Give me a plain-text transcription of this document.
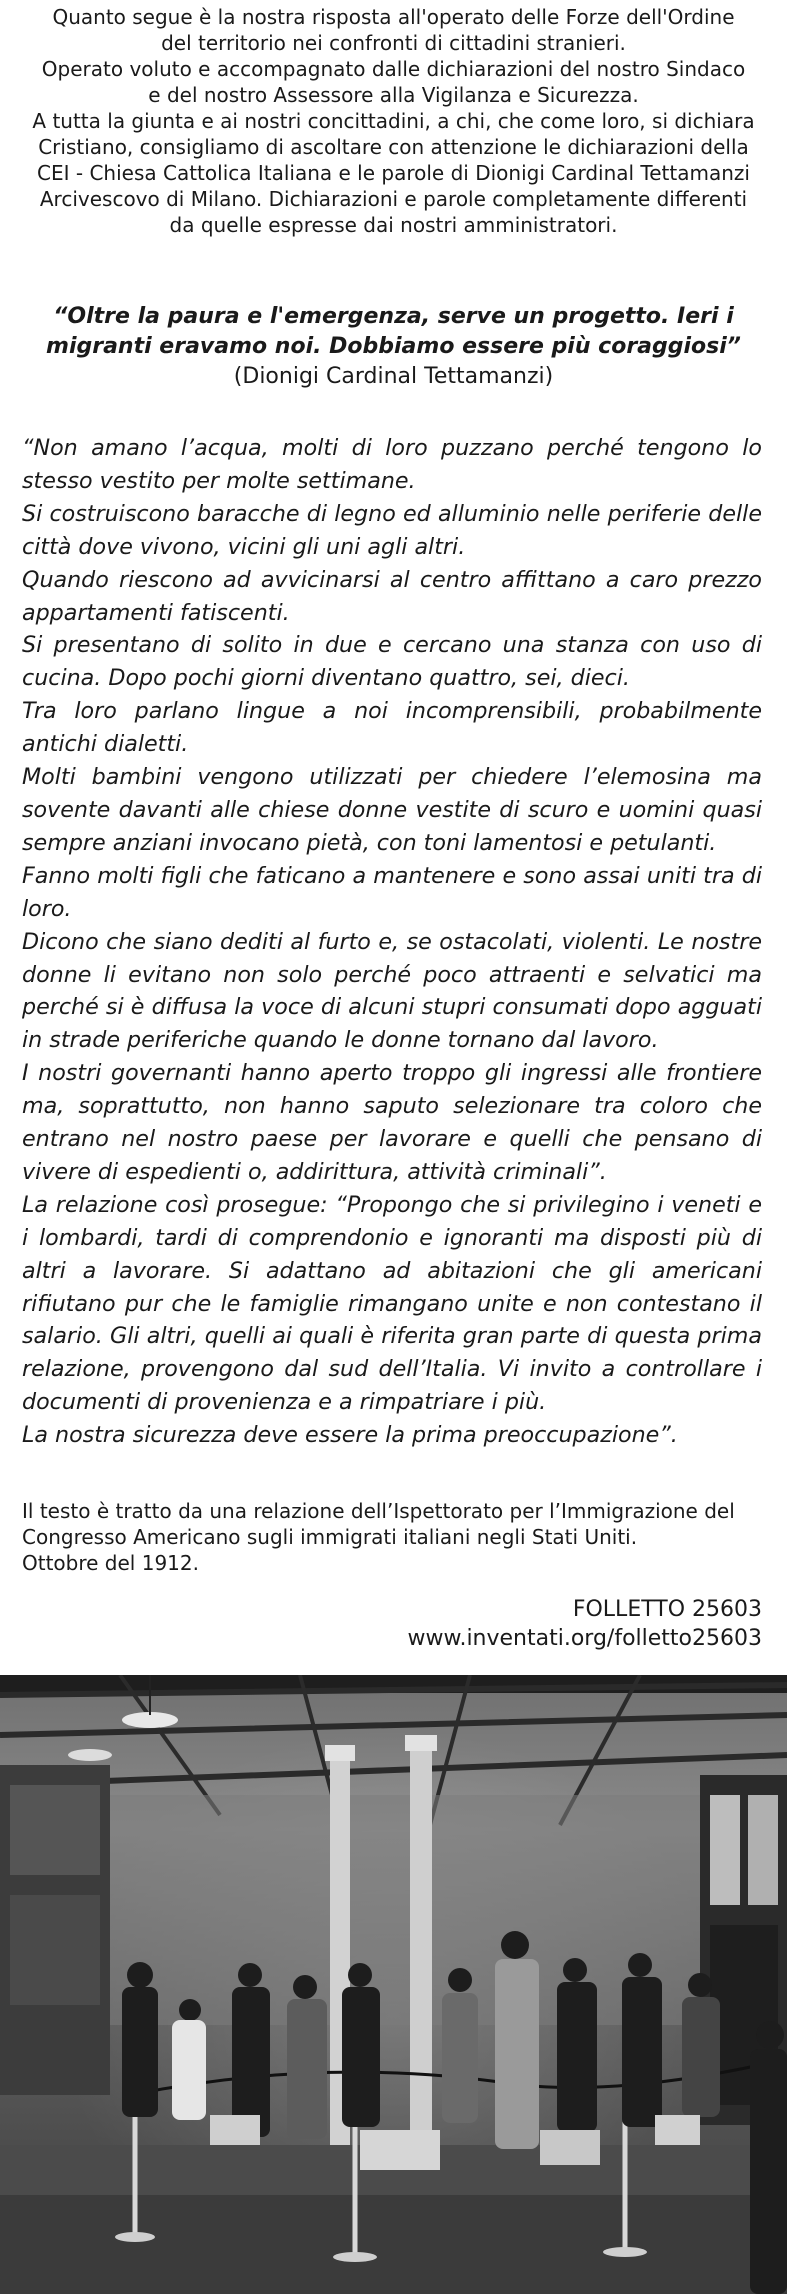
Quanto segue è la nostra risposta all'operato delle Forze dell'Ordine

del territorio nei confronti di cittadini stranieri.

Operato voluto e accompagnato dalle dichiarazioni del nostro Sindaco

e del nostro Assessore alla Vigilanza e Sicurezza.

A tutta la giunta e ai nostri concittadini, a chi, che come loro, si dichiara

Cristiano, consigliamo di ascoltare con attenzione le dichiarazioni della

CEI - Chiesa Cattolica Italiana e le parole di Dionigi Cardinal Tettamanzi

Arcivescovo di Milano. Dichiarazioni e parole completamente differenti

da quelle espresse dai nostri amministratori.

“Oltre la paura e l'emergenza, serve un progetto. Ieri i

migranti eravamo noi. Dobbiamo essere più coraggiosi”

(Dionigi Cardinal Tettamanzi)

“Non amano l’acqua, molti di loro puzzano perché tengono lo stesso vestito per molte settimane.

Si costruiscono baracche di legno ed alluminio nelle periferie delle città dove vivono, vicini gli uni agli altri.

Quando riescono ad avvicinarsi al centro affittano a caro prezzo appartamenti fatiscenti.

Si presentano di solito in due e cercano una stanza con uso di cucina. Dopo pochi giorni diventano quattro, sei, dieci.

Tra loro parlano lingue a noi incomprensibili, probabilmente antichi dialetti.

Molti bambini vengono utilizzati per chiedere l’elemosina ma sovente davanti alle chiese donne vestite di scuro e uomini quasi sempre anziani invocano pietà, con toni lamentosi e petulanti.

Fanno molti figli che faticano a mantenere e sono assai uniti tra di loro.

Dicono che siano dediti al furto e, se ostacolati, violenti. Le nostre donne li evitano non solo perché poco attraenti e selvatici ma perché si è diffusa la voce di alcuni stupri consumati dopo agguati in strade periferiche quando le donne tornano dal lavoro.

I nostri governanti hanno aperto troppo gli ingressi alle frontiere ma, soprattutto, non hanno saputo selezionare tra coloro che entrano nel nostro paese per lavorare e quelli che pensano di vivere di espedienti o, addirittura, attività criminali”.

La relazione così prosegue: “Propongo che si privilegino i veneti e i lombardi, tardi di comprendonio e ignoranti ma disposti più di altri a lavorare. Si adattano ad abitazioni che gli americani rifiutano pur che le famiglie rimangano unite e non contestano il salario. Gli altri, quelli ai quali è riferita gran parte di questa prima relazione, provengono dal sud dell’Italia. Vi invito a controllare i documenti di provenienza e a rimpatriare i più.

La nostra sicurezza deve essere la prima preoccupazione”.

Il testo è tratto da una relazione dell’Ispettorato per l’Immigrazione del

Congresso Americano sugli immigrati italiani negli Stati Uniti.

Ottobre del 1912.

FOLLETTO 25603

www.inventati.org/folletto25603
